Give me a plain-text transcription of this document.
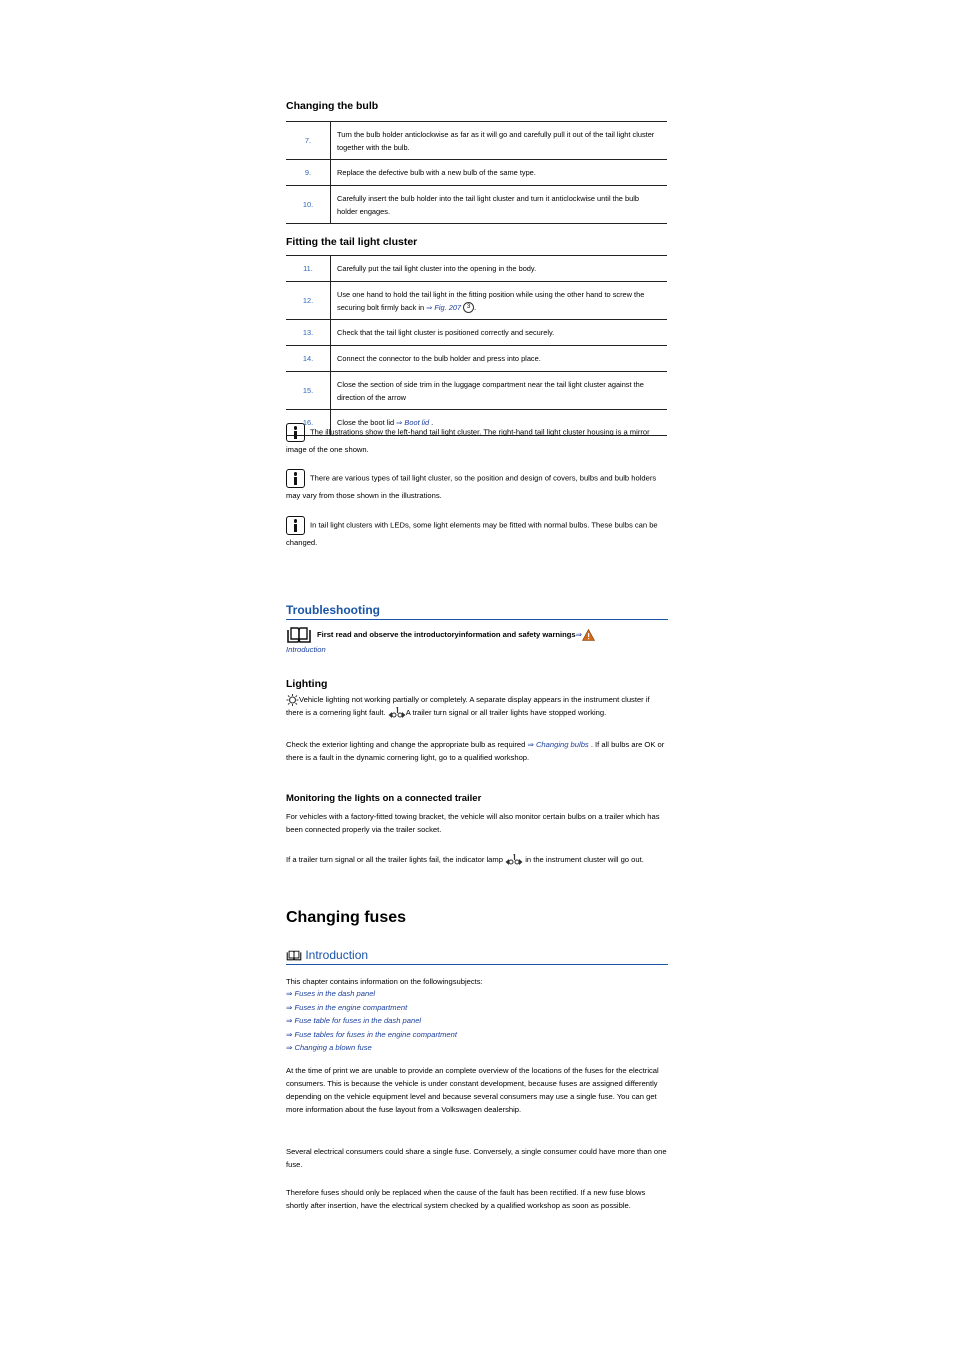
Changing the bulb
7.	Turn the bulb holder anticlockwise as far as it will go and carefully pull it out of the tail light cluster together with the bulb.
9.	Replace the defective bulb with a new bulb of the same type.
10.	Carefully insert the bulb holder into the tail light cluster and turn it anticlockwise until the bulb holder engages.
Fitting the tail light cluster
11.	Carefully put the tail light cluster into the opening in the body.
12.	Use one hand to hold the tail light in the fitting position while using the other hand to screw the securing bolt firmly back in ⇒ Fig. 207 3 .
13.	Check that the tail light cluster is positioned correctly and securely.
14.	Connect the connector to the bulb holder and press into place.
15.	Close the section of side trim in the luggage compartment near the tail light cluster against the direction of the arrow
16.	Close the boot lid ⇒ Boot lid .
The illustrations show the left-hand tail light cluster. The right-hand tail light cluster housing is a mirror image of the one shown.
There are various types of tail light cluster, so the position and design of covers, bulbs and bulb holders may vary from those shown in the illustrations.
In tail light clusters with LEDs, some light elements may be fitted with normal bulbs. These bulbs can be changed.
Troubleshooting
First read and observe the introductoryinformation and safety warnings⇒
Introduction
Lighting
Vehicle lighting not working partially or completely. A separate display appears in the instrument cluster if there is a cornering light fault.	A trailer turn signal or all trailer lights have stopped working.
Check the exterior lighting and change the appropriate bulb as required ⇒ Changing bulbs . If all bulbs are OK or there is a fault in the dynamic cornering light, go to a qualified workshop.
Monitoring the lights on a connected trailer
For vehicles with a factory-fitted towing bracket, the vehicle will also monitor certain bulbs on a trailer which has been connected properly via the trailer socket.
If a trailer turn signal or all the trailer lights fail, the indicator lamp	in the instrument cluster will go out.
Changing fuses
Introduction
This chapter contains information on the followingsubjects:
⇒ Fuses in the dash panel
⇒ Fuses in the engine compartment
⇒ Fuse table for fuses in the dash panel
⇒ Fuse tables for fuses in the engine compartment
⇒ Changing a blown fuse
At the time of print we are unable to provide an complete overview of the locations of the fuses for the electrical consumers. This is because the vehicle is under constant development, because fuses are assigned differently depending on the vehicle equipment level and because several consumers may use a single fuse. You can get more information about the fuse layout from a Volkswagen dealership.
Several electrical consumers could share a single fuse. Conversely, a single consumer could have more than one fuse.
Therefore fuses should only be replaced when the cause of the fault has been rectified. If a new fuse blows shortly after insertion, have the electrical system checked by a qualified workshop as soon as possible.
